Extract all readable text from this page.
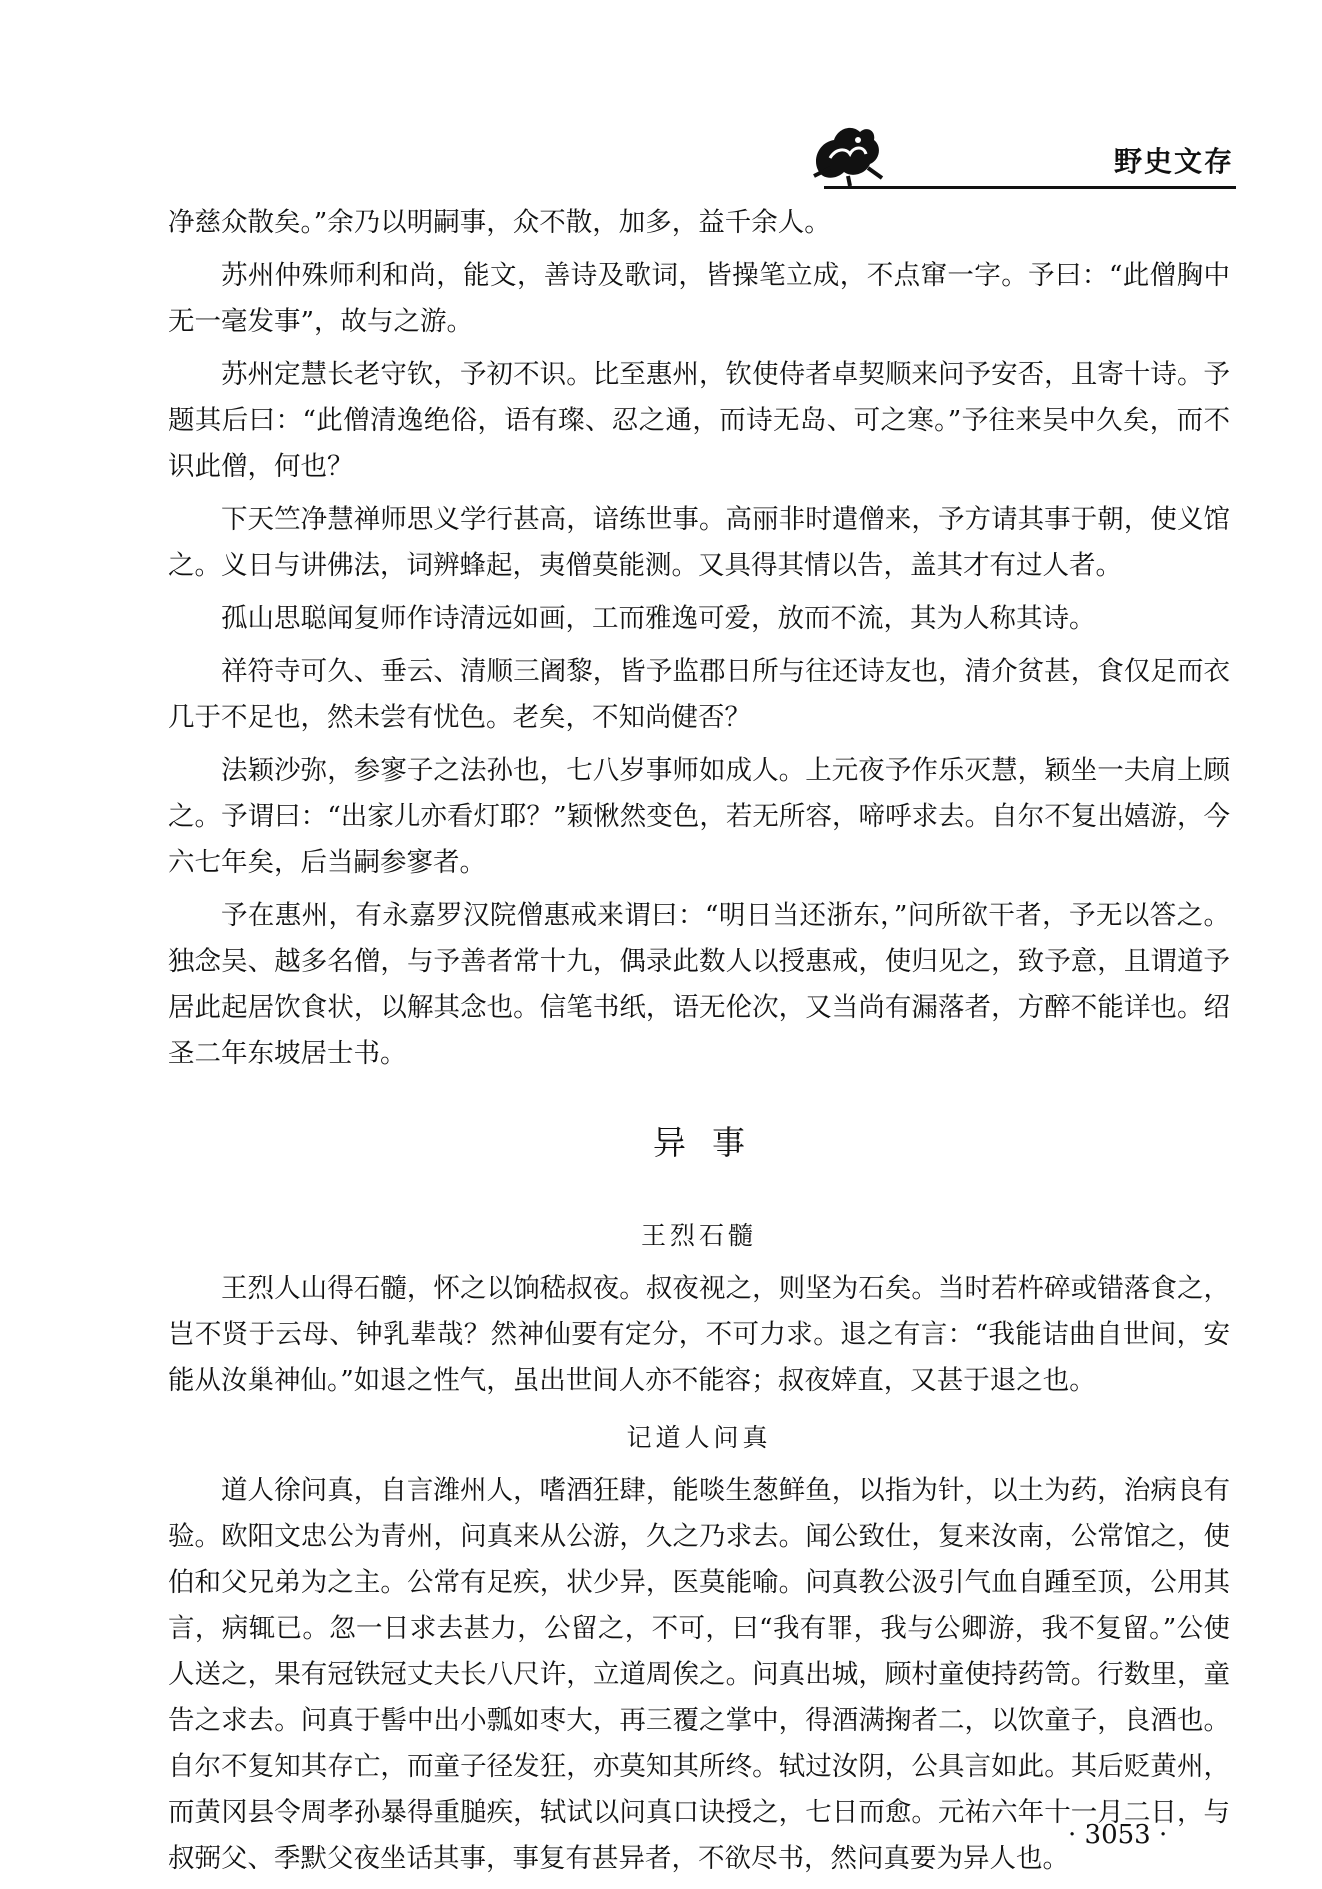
野史文存

净慈众散矣。”余乃以明嗣事，众不散，加多，益千余人。

苏州仲殊师利和尚，能文，善诗及歌词，皆操笔立成，不点窜一字。予曰：“此僧胸中无一毫发事”，故与之游。

苏州定慧长老守钦，予初不识。比至惠州，钦使侍者卓契顺来问予安否，且寄十诗。予题其后曰：“此僧清逸绝俗，语有璨、忍之通，而诗无岛、可之寒。”予往来吴中久矣，而不识此僧，何也？

下天竺净慧禅师思义学行甚高，谙练世事。高丽非时遣僧来，予方请其事于朝，使义馆之。义日与讲佛法，词辨蜂起，夷僧莫能测。又具得其情以告，盖其才有过人者。

孤山思聪闻复师作诗清远如画，工而雅逸可爱，放而不流，其为人称其诗。

祥符寺可久、垂云、清顺三阇黎，皆予监郡日所与往还诗友也，清介贫甚，食仅足而衣几于不足也，然未尝有忧色。老矣，不知尚健否？

法颖沙弥，参寥子之法孙也，七八岁事师如成人。上元夜予作乐灭慧，颖坐一夫肩上顾之。予谓曰：“出家儿亦看灯耶？”颖愀然变色，若无所容，啼呼求去。自尔不复出嬉游，今六七年矣，后当嗣参寥者。

予在惠州，有永嘉罗汉院僧惠戒来谓曰：“明日当还浙东，”问所欲干者，予无以答之。独念吴、越多名僧，与予善者常十九，偶录此数人以授惠戒，使归见之，致予意，且谓道予居此起居饮食状，以解其念也。信笔书纸，语无伦次，又当尚有漏落者，方醉不能详也。绍圣二年东坡居士书。

异事
王烈石髓

王烈人山得石髓，怀之以饷嵇叔夜。叔夜视之，则坚为石矣。当时若杵碎或错落食之，岂不贤于云母、钟乳辈哉？然神仙要有定分，不可力求。退之有言：“我能诘曲自世间，安能从汝巢神仙。”如退之性气，虽出世间人亦不能容；叔夜婞直，又甚于退之也。

记道人问真

道人徐问真，自言潍州人，嗜酒狂肆，能啖生葱鲜鱼，以指为针，以土为药，治病良有验。欧阳文忠公为青州，问真来从公游，久之乃求去。闻公致仕，复来汝南，公常馆之，使伯和父兄弟为之主。公常有足疾，状少异，医莫能喻。问真教公汲引气血自踵至顶，公用其言，病辄已。忽一日求去甚力，公留之，不可，曰“我有罪，我与公卿游，我不复留。”公使人送之，果有冠铁冠丈夫长八尺许，立道周俟之。问真出城，顾村童使持药笥。行数里，童告之求去。问真于髻中出小瓢如枣大，再三覆之掌中，得酒满掬者二，以饮童子，良酒也。自尔不复知其存亡，而童子径发狂，亦莫知其所终。轼过汝阴，公具言如此。其后贬黄州，而黄冈县令周孝孙暴得重膇疾，轼试以问真口诀授之，七日而愈。元祐六年十一月二日，与叔弼父、季默父夜坐话其事，事复有甚异者，不欲尽书，然问真要为异人也。

· 3053 ·
